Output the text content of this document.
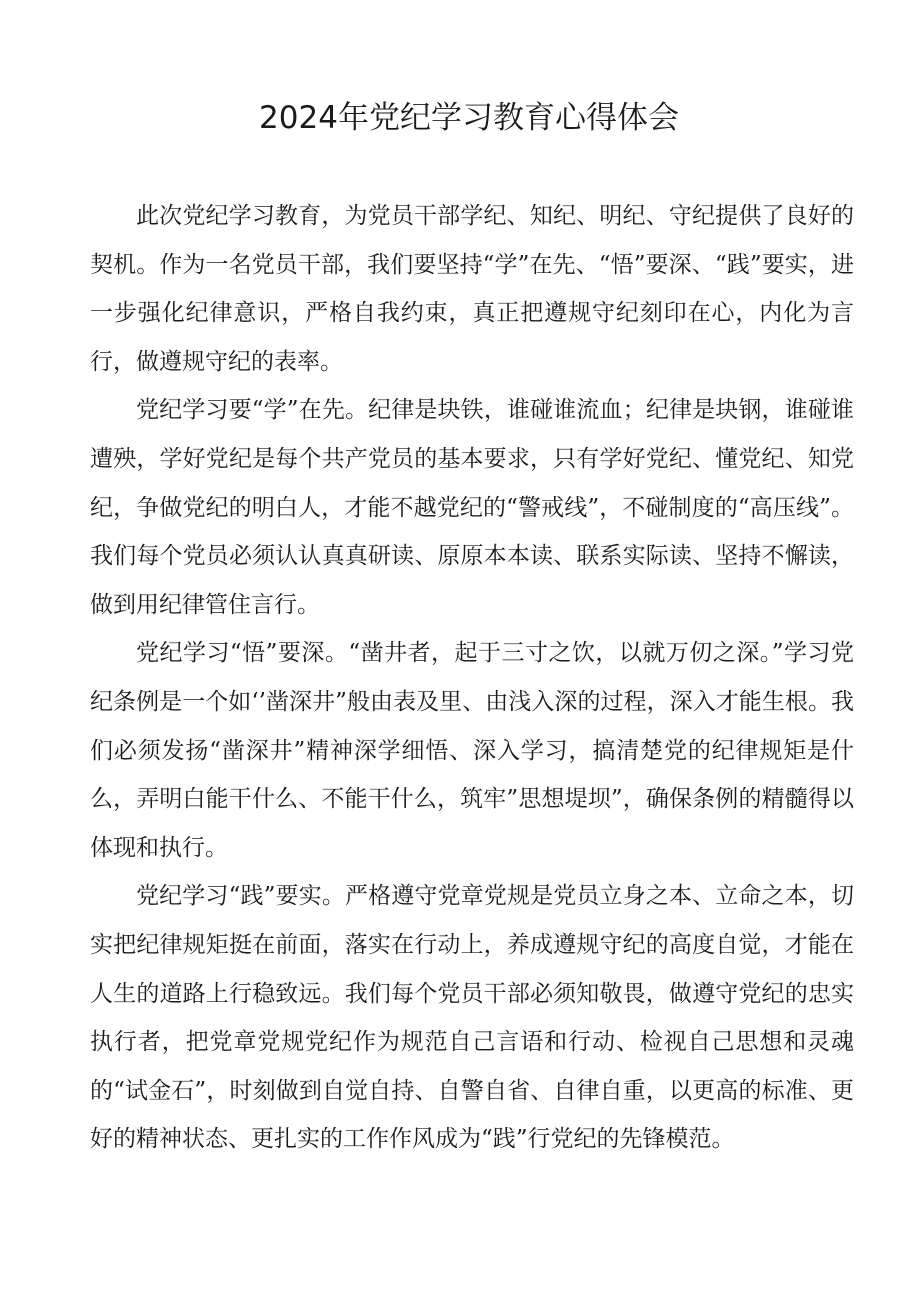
2024年党纪学习教育心得体会

此次党纪学习教育，为党员干部学纪、知纪、明纪、守纪提供了良好的契机。作为一名党员干部，我们要坚持“学”在先、“悟”要深、“践”要实，进一步强化纪律意识，严格自我约束，真正把遵规守纪刻印在心，内化为言行，做遵规守纪的表率。

党纪学习要“学”在先。纪律是块铁，谁碰谁流血；纪律是块钢，谁碰谁遭殃，学好党纪是每个共产党员的基本要求，只有学好党纪、懂党纪、知党纪，争做党纪的明白人，才能不越党纪的“警戒线”，不碰制度的“高压线”。我们每个党员必须认认真真研读、原原本本读、联系实际读、坚持不懈读，做到用纪律管住言行。

党纪学习“悟”要深。“凿井者，起于三寸之饮，以就万仞之深。”学习党纪条例是一个如‘’凿深井”般由表及里、由浅入深的过程，深入才能生根。我们必须发扬“凿深井”精神深学细悟、深入学习，搞清楚党的纪律规矩是什么，弄明白能干什么、不能干什么，筑牢”思想堤坝”，确保条例的精髓得以体现和执行。

党纪学习“践”要实。严格遵守党章党规是党员立身之本、立命之本，切实把纪律规矩挺在前面，落实在行动上，养成遵规守纪的高度自觉，才能在人生的道路上行稳致远。我们每个党员干部必须知敬畏，做遵守党纪的忠实执行者，把党章党规党纪作为规范自己言语和行动、检视自己思想和灵魂的“试金石”，时刻做到自觉自持、自警自省、自律自重，以更高的标准、更好的精神状态、更扎实的工作作风成为“践”行党纪的先锋模范。
